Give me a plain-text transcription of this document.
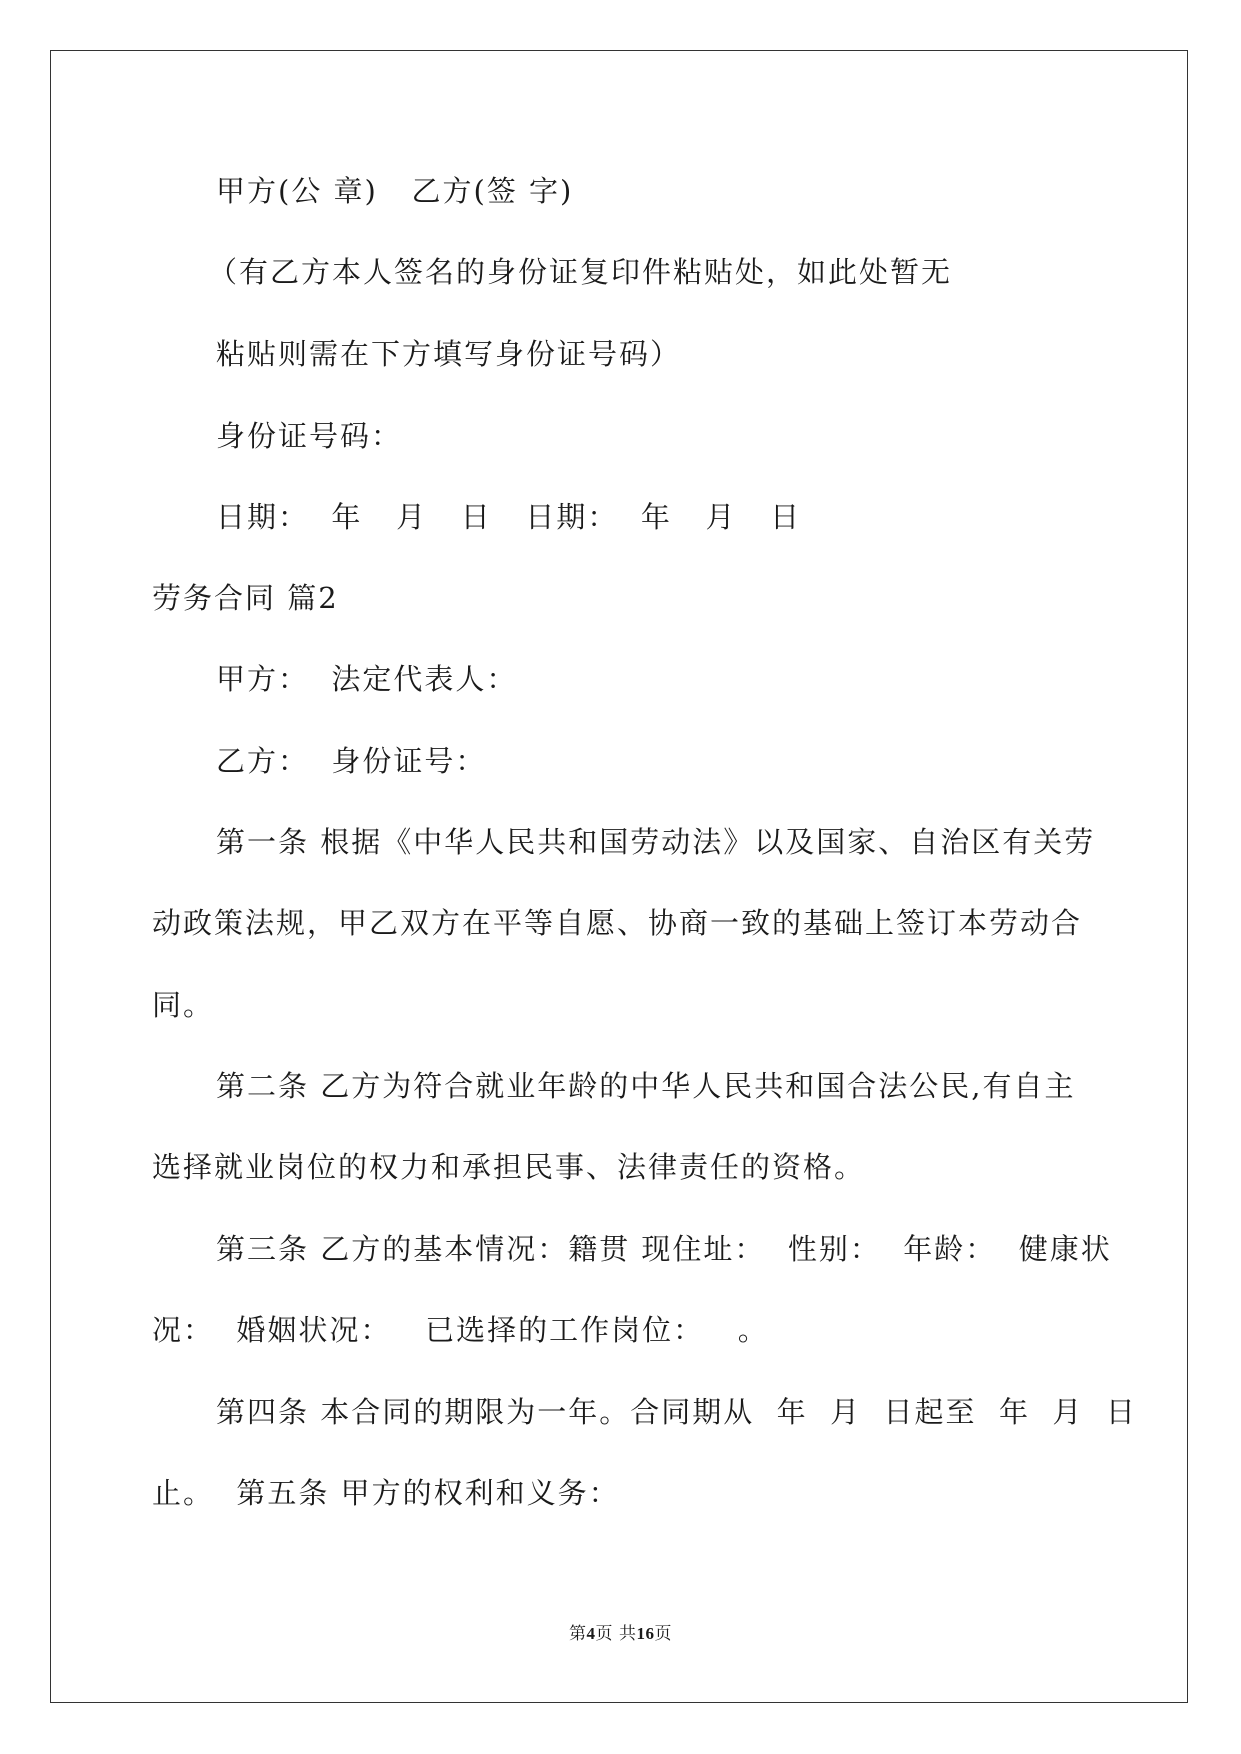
甲方(公 章)   乙方(签 字)
（有乙方本人签名的身份证复印件粘贴处，如此处暂无
粘贴则需在下方填写身份证号码）
身份证号码：
日期：  年   月   日   日期：  年   月   日
劳务合同 篇2
甲方：  法定代表人：
乙方：  身份证号：
第一条 根据《中华人民共和国劳动法》以及国家、自治区有关劳
动政策法规，甲乙双方在平等自愿、协商一致的基础上签订本劳动合
同。
第二条 乙方为符合就业年龄的中华人民共和国合法公民,有自主
选择就业岗位的权力和承担民事、法律责任的资格。
第三条 乙方的基本情况：籍贯 现住址：  性别：  年龄：  健康状
况：  婚姻状况：   已选择的工作岗位：   。
第四条 本合同的期限为一年。合同期从  年  月  日起至  年  月  日
止。  第五条 甲方的权利和义务：
第4页 共16页
